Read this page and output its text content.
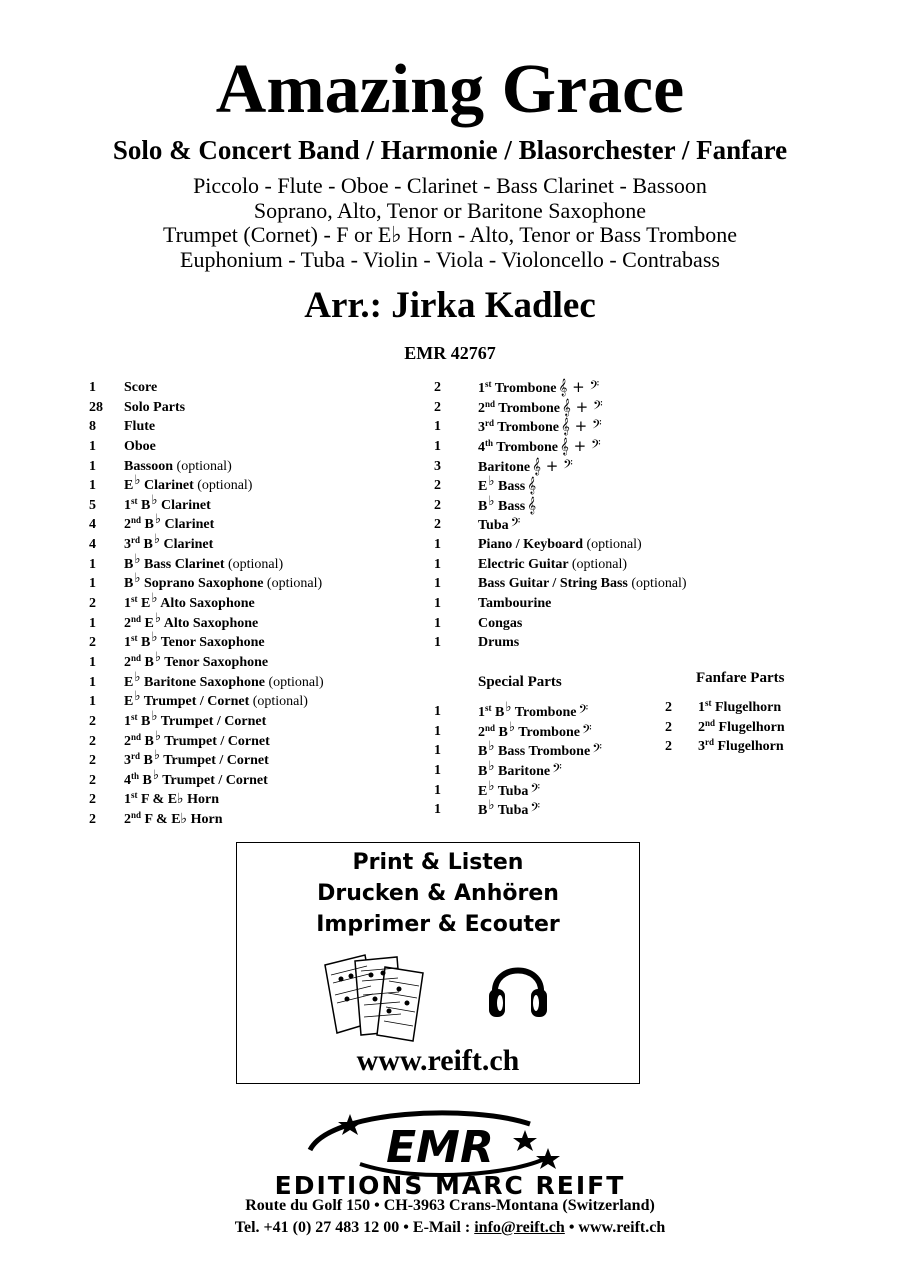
Amazing Grace
Solo & Concert Band / Harmonie / Blasorchester / Fanfare
Piccolo - Flute - Oboe - Clarinet - Bass Clarinet - Bassoon
Soprano, Alto, Tenor or Baritone Saxophone
Trumpet (Cornet) - F or E♭ Horn - Alto, Tenor or Bass Trombone
Euphonium - Tuba - Violin - Viola - Violoncello - Contrabass
Arr.: Jirka Kadlec
EMR 42767
1 Score
28 Solo Parts
8 Flute
1 Oboe
1 Bassoon (optional)
1 E♭ Clarinet (optional)
5 1st B♭ Clarinet
4 2nd B♭ Clarinet
4 3rd B♭ Clarinet
1 B♭ Bass Clarinet (optional)
1 B♭ Soprano Saxophone (optional)
2 1st E♭ Alto Saxophone
1 2nd E♭ Alto Saxophone
2 1st B♭ Tenor Saxophone
1 2nd B♭ Tenor Saxophone
1 E♭ Baritone Saxophone (optional)
1 E♭ Trumpet / Cornet (optional)
2 1st B♭ Trumpet / Cornet
2 2nd B♭ Trumpet / Cornet
2 3rd B♭ Trumpet / Cornet
2 4th B♭ Trumpet / Cornet
2 1st F & E♭ Horn
2 2nd F & E♭ Horn
2	1st Trombone 𝄞 + 𝄢
2	2nd Trombone 𝄞 + 𝄢
1	3rd Trombone 𝄞 + 𝄢
1	4th Trombone 𝄞 + 𝄢
3	Baritone 𝄞 + 𝄢
2	E♭ Bass 𝄞
2	B♭ Bass 𝄞
2	Tuba 𝄢
1	Piano / Keyboard (optional)
1	Electric Guitar (optional)
1	Bass Guitar / String Bass (optional)
1	Tambourine
1	Congas
1	Drums
Special Parts
1	1st B♭ Trombone 𝄢
1	2nd B♭ Trombone 𝄢
1	B♭ Bass Trombone 𝄢
1	B♭ Baritone 𝄢
1	E♭ Tuba 𝄢
1	B♭ Tuba 𝄢
Fanfare Parts
2 1st Flugelhorn
2 2nd Flugelhorn
2 3rd Flugelhorn
Print & Listen
Drucken & Anhören
Imprimer & Ecouter
www.reift.ch
EMR
EDITIONS MARC REIFT
Route du Golf 150 • CH-3963 Crans-Montana (Switzerland)
Tel. +41 (0) 27 483 12 00 • E-Mail : info@reift.ch • www.reift.ch
